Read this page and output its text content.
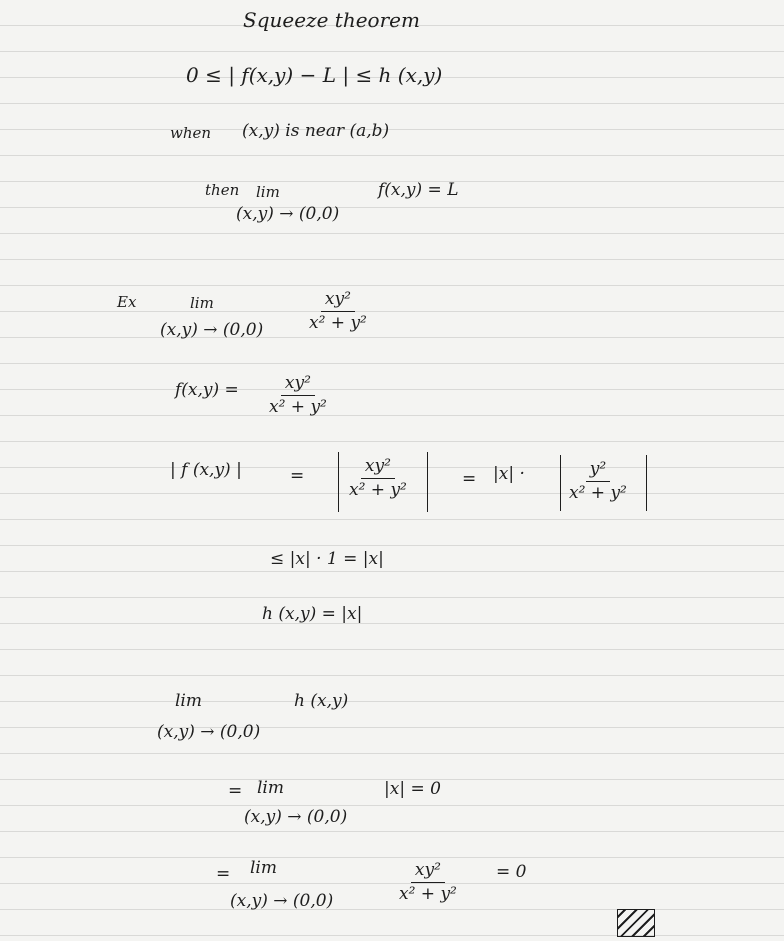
Squeeze theorem
0 ≤ | f(x,y) − L | ≤ h (x,y)
when (x,y) is near (a,b)
then lim
(x,y) → (0,0)
f(x,y) = L
Ex	lim
$(x,y) \to (0,0) \frac{\text{xy²}}{\text{x² + y²}}$
$f(x,y) = \frac{\text{xy²}}{\text{x² + y²}}$
| f (x,y) |	= $\frac{\text{xy²}}{\text{x² + y²}}$	= $|x| \cdot \frac{\text{y²}}{\text{x² + y²}}$
≤ |x| · 1 = |x|
h (x,y) = |x|
lim
(x,y) → (0,0)
h (x,y)
= lim
(x,y) → (0,0)
|x| = 0
= lim
(x,y) → (0,0)	$\frac{\text{xy²}}{\text{x² + y²}} = 0$
